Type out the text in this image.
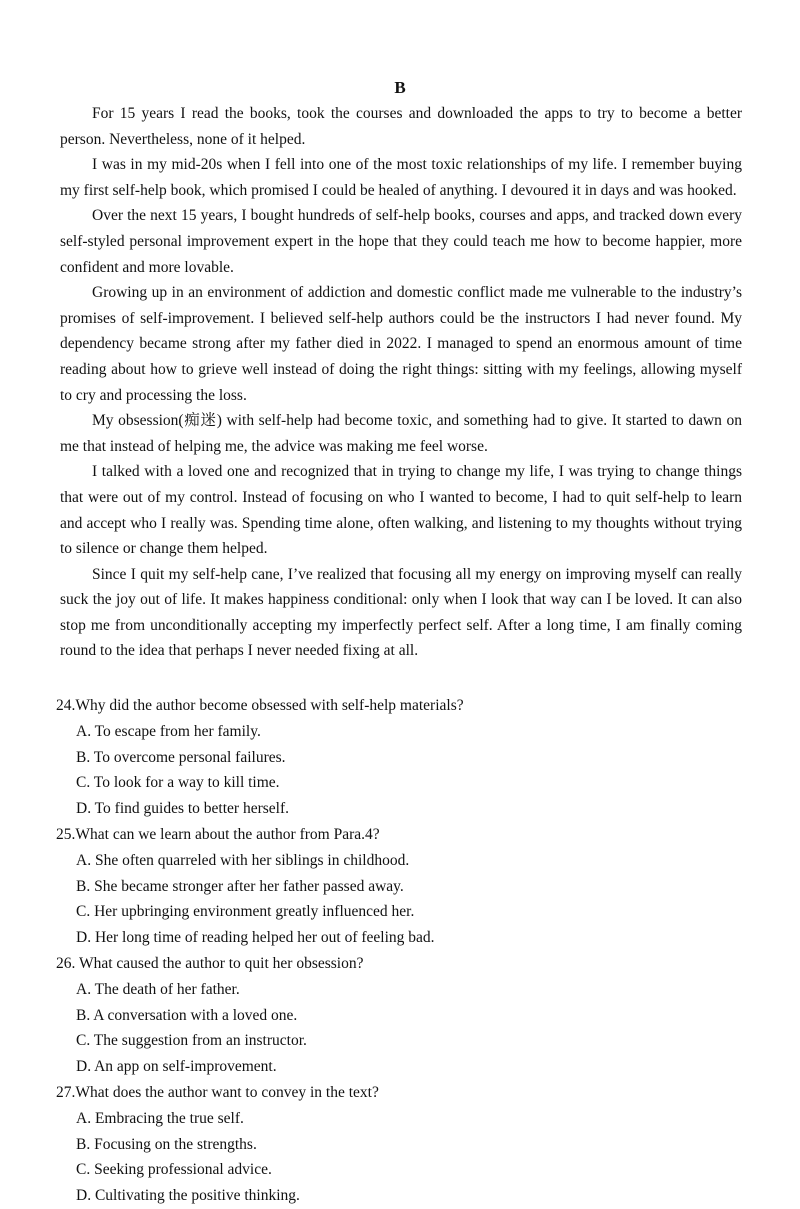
B

For 15 years I read the books, took the courses and downloaded the apps to try to become a better person. Nevertheless, none of it helped.

I was in my mid-20s when I fell into one of the most toxic relationships of my life. I remember buying my first self-help book, which promised I could be healed of anything. I devoured it in days and was hooked.

Over the next 15 years, I bought hundreds of self-help books, courses and apps, and tracked down every self-styled personal improvement expert in the hope that they could teach me how to become happier, more confident and more lovable.

Growing up in an environment of addiction and domestic conflict made me vulnerable to the industry’s promises of self-improvement. I believed self-help authors could be the instructors I had never found. My dependency became strong after my father died in 2022. I managed to spend an enormous amount of time reading about how to grieve well instead of doing the right things: sitting with my feelings, allowing myself to cry and processing the loss.

My obsession(痴迷) with self-help had become toxic, and something had to give. It started to dawn on me that instead of helping me, the advice was making me feel worse.

I talked with a loved one and recognized that in trying to change my life, I was trying to change things that were out of my control. Instead of focusing on who I wanted to become, I had to quit self-help to learn and accept who I really was. Spending time alone, often walking, and listening to my thoughts without trying to silence or change them helped.

Since I quit my self-help cane, I’ve realized that focusing all my energy on improving myself can really suck the joy out of life. It makes happiness conditional: only when I look that way can I be loved. It can also stop me from unconditionally accepting my imperfectly perfect self. After a long time, I am finally coming round to the idea that perhaps I never needed fixing at all.

24.Why did the author become obsessed with self-help materials?

A. To escape from her family.
B. To overcome personal failures.
C. To look for a way to kill time.
D. To find guides to better herself.

25.What can we learn about the author from Para.4?

A. She often quarreled with her siblings in childhood.
B. She became stronger after her father passed away.
C. Her upbringing environment greatly influenced her.
D. Her long time of reading helped her out of feeling bad.

26. What caused the author to quit her obsession?

A. The death of her father.
B. A conversation with a loved one.
C. The suggestion from an instructor.
D. An app on self-improvement.

27.What does the author want to convey in the text?

A. Embracing the true self.
B. Focusing on the strengths.
C. Seeking professional advice.
D. Cultivating the positive thinking.
